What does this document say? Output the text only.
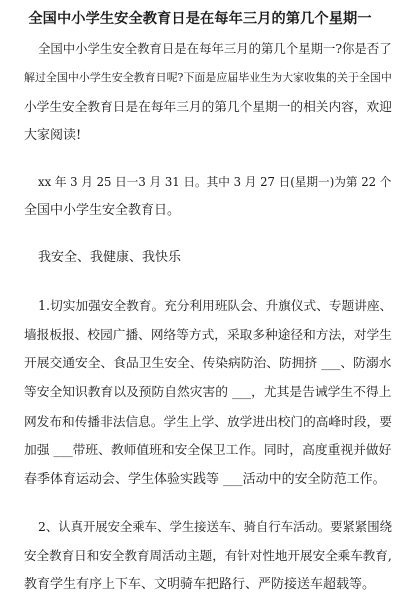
全国中小学生安全教育日是在每年三月的第几个星期一
全国中小学生安全教育日是在每年三月的第几个星期一?你是否了
解过全国中小学生安全教育日呢?下面是应届毕业生为大家收集的关于全国中
小学生安全教育日是在每年三月的第几个星期一的相关内容，欢迎
大家阅读!
xx 年 3 月 25 日一3 月 31 日。其中 3 月 27 日(星期一)为第 22 个
全国中小学生安全教育日。
我安全、我健康、我快乐
1.切实加强安全教育。充分利用班队会、升旗仪式、专题讲座、
墙报板报、校园广播、网络等方式，采取多种途径和方法，对学生
开展交通安全、食品卫生安全、传染病防治、防拥挤 ___、防溺水
等安全知识教育以及预防自然灾害的 ___，尤其是告诫学生不得上
网发布和传播非法信息。学生上学、放学进出校门的高峰时段，要
加强 ___带班、教师值班和安全保卫工作。同时，高度重视并做好
春季体育运动会、学生体验实践等 ___活动中的安全防范工作。
2、认真开展安全乘车、学生接送车、骑自行车活动。要紧紧围绕
安全教育日和安全教育周活动主题，有针对性地开展安全乘车教育,
教育学生有序上下车、文明骑车把路行、严防接送车超载等。
